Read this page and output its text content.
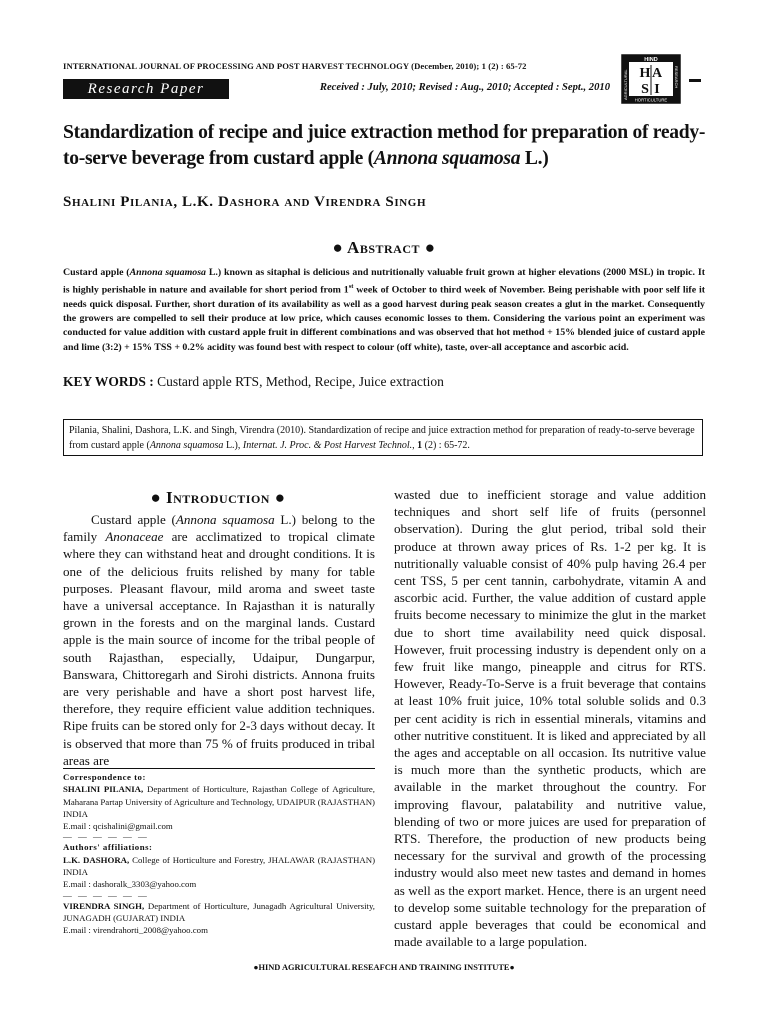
INTERNATIONAL JOURNAL OF PROCESSING AND POST HARVEST TECHNOLOGY (December, 2010); 1 (2) : 65-72
Research Paper	Received : July, 2010; Revised : Aug., 2010; Accepted : Sept., 2010
HIND
AGRICULTURAL	RESEARCH
HORTICULTURE
H A
S I
Standardization of recipe and juice extraction method for preparation of ready-to-serve beverage from custard apple (Annona squamosa L.)
Shalini Pilania, L.K. Dashora and Virendra Singh
● Abstract ●
Custard apple (Annona squamosa L.) known as sitaphal is delicious and nutritionally valuable fruit grown at higher elevations (2000 MSL) in tropic. It is highly perishable in nature and available for short period from 1st week of October to third week of November. Being perishable with poor self life it needs quick disposal. Further, short duration of its availability as well as a good harvest during peak season creates a glut in the market. Consequently the growers are compelled to sell their produce at low price, which causes economic losses to them. Considering the various point an experiment was conducted for value addition with custard apple fruit in different combinations and was observed that hot method + 15% blended juice of custard apple and lime (3:2) + 15% TSS + 0.2% acidity was found best with respect to colour (off white), taste, over-all acceptance and ascorbic acid.
KEY WORDS : Custard apple RTS, Method, Recipe, Juice extraction
Pilania, Shalini, Dashora, L.K. and Singh, Virendra (2010). Standardization of recipe and juice extraction method for preparation of ready-to-serve beverage from custard apple (Annona squamosa L.), Internat. J. Proc. & Post Harvest Technol., 1 (2) : 65-72.
● Introduction ●

Custard apple (Annona squamosa L.) belong to the family Anonaceae are acclimatized to tropical climate where they can withstand heat and drought conditions. It is one of the delicious fruits relished by many for table purposes. Pleasant flavour, mild aroma and sweet taste have a universal acceptance. In Rajasthan it is naturally grown in the forests and on the marginal lands. Custard apple is the main source of income for the tribal people of south Rajasthan, especially, Udaipur, Dungarpur, Banswara, Chittoregarh and Sirohi districts. Annona fruits are very perishable and have a short post harvest life, therefore, they require efficient value addition techniques. Ripe fruits can be stored only for 2-3 days without decay. It is observed that more than 75 % of fruits produced in tribal areas are

wasted due to inefficient storage and value addition techniques and short self life of fruits (personnel observation). During the glut period, tribal sold their produce at thrown away prices of Rs. 1-2 per kg. It is nutritionally valuable consist of 40% pulp having 26.4 per cent TSS, 5 per cent tannin, carbohydrate, vitamin A and ascorbic acid. Further, the value addition of custard apple fruits become necessary to minimize the glut in the market due to short time availability need quick disposal. However, fruit processing industry is dependent only on a few fruit like mango, pineapple and citrus for RTS. However, Ready-To-Serve is a fruit beverage that contains at least 10% fruit juice, 10% total soluble solids and 0.3 per cent acidity is rich in essential minerals, vitamins and other nutritive constituent. It is liked and appreciated by all the ages and acceptable on all occasion. Its nutritive value is much more than the synthetic products, which are available in the market throughout the country. For improving flavour, palatability and nutritive value, blending of two or more juices are used for preparation of RTS. Therefore, the production of new products being necessary for the survival and growth of the processing industry would also meet new tastes and demand in homes as well as the export market. Hence, there is an urgent need to develop some suitable technology for the preparation of custard apple beverages that could be economical and made available to a large population.

Correspondence to:
SHALINI PILANIA, Department of Horticulture, Rajasthan College of Agriculture, Maharana Partap University of Agriculture and Technology, UDAIPUR (RAJASTHAN) INDIA
E.mail : qcishalini@gmail.com
— — — — — —
Authors' affiliations:
L.K. DASHORA, College of Horticulture and Forestry, JHALAWAR (RAJASTHAN) INDIA
E.mail : dashoralk_3303@yahoo.com
— — — — — —
VIRENDRA SINGH, Department of Horticulture, Junagadh Agricultural University, JUNAGADH (GUJARAT) INDIA
E.mail : virendrahorti_2008@yahoo.com
●HIND AGRICULTURAL RESEAFCH AND TRAINING INSTITUTE●
